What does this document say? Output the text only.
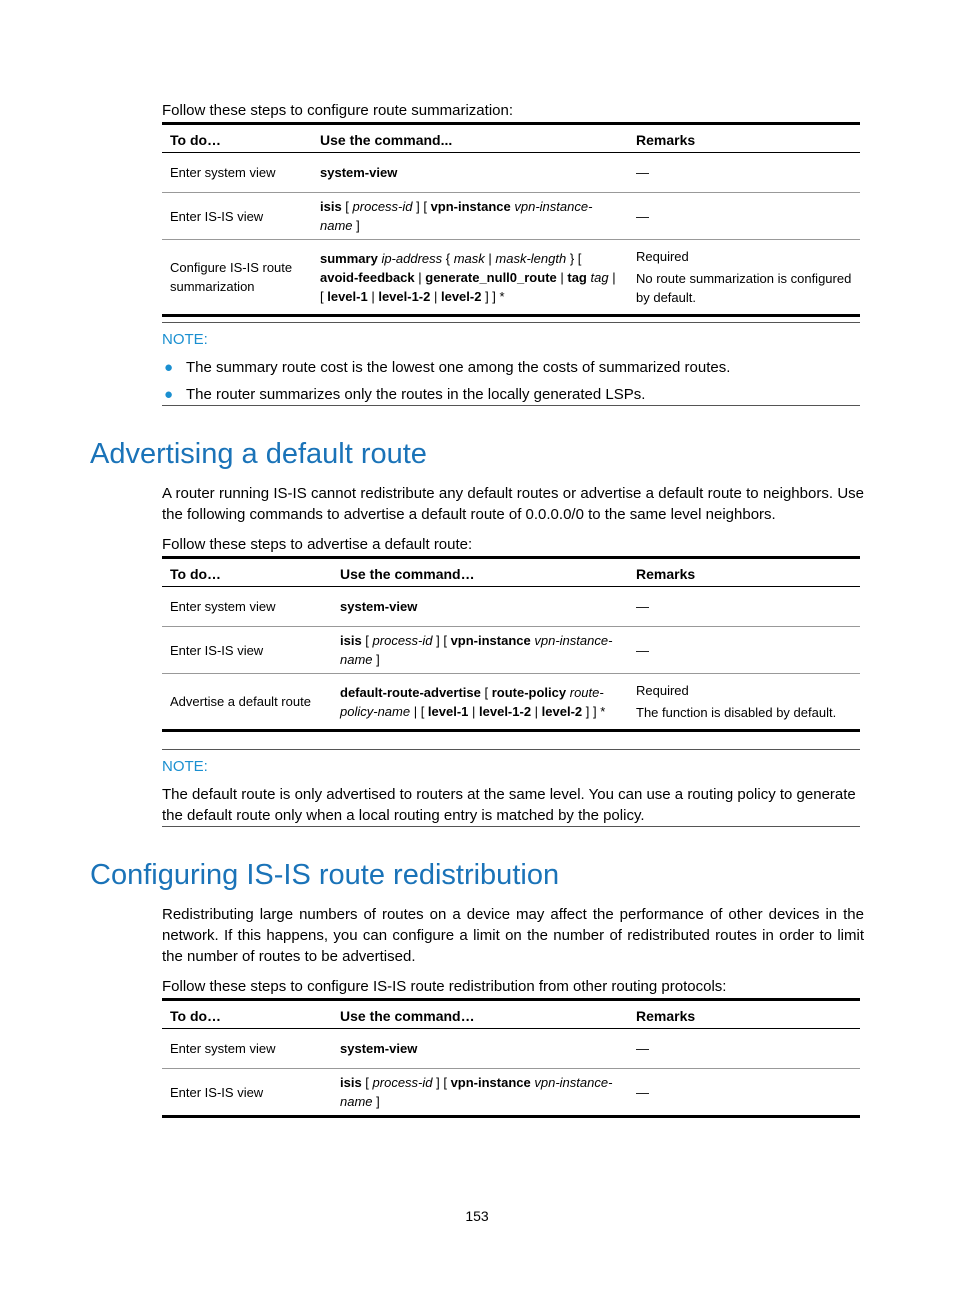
Follow these steps to configure route summarization:
To do…	Use the command...	Remarks
Enter system view	system-view	—

Enter IS-IS view	isis [ process-id ] [ vpn-instance vpn-instance-name ]	—

Configure IS-IS route summarization	summary ip-address { mask | mask-length } [ avoid-feedback | generate_null0_route | tag tag | [ level-1 | level-1-2 | level-2 ] ] *	Required
No route summarization is configured by default.
NOTE:
● The summary route cost is the lowest one among the costs of summarized routes.
● The router summarizes only the routes in the locally generated LSPs.
Advertising a default route
A router running IS-IS cannot redistribute any default routes or advertise a default route to neighbors. Use the following commands to advertise a default route of 0.0.0.0/0 to the same level neighbors.
Follow these steps to advertise a default route:
To do…	Use the command…	Remarks
Enter system view	system-view	—

Enter IS-IS view	isis [ process-id ] [ vpn-instance vpn-instance-name ]	—

Advertise a default route	default-route-advertise [ route-policy route-policy-name | [ level-1 | level-1-2 | level-2 ] ] *	Required
The function is disabled by default.
NOTE:
The default route is only advertised to routers at the same level. You can use a routing policy to generate the default route only when a local routing entry is matched by the policy.
Configuring IS-IS route redistribution
Redistributing large numbers of routes on a device may affect the performance of other devices in the network. If this happens, you can configure a limit on the number of redistributed routes in order to limit the number of routes to be advertised.
Follow these steps to configure IS-IS route redistribution from other routing protocols:
To do…	Use the command…	Remarks
Enter system view	system-view	—

Enter IS-IS view	isis [ process-id ] [ vpn-instance vpn-instance-name ]	—
153
